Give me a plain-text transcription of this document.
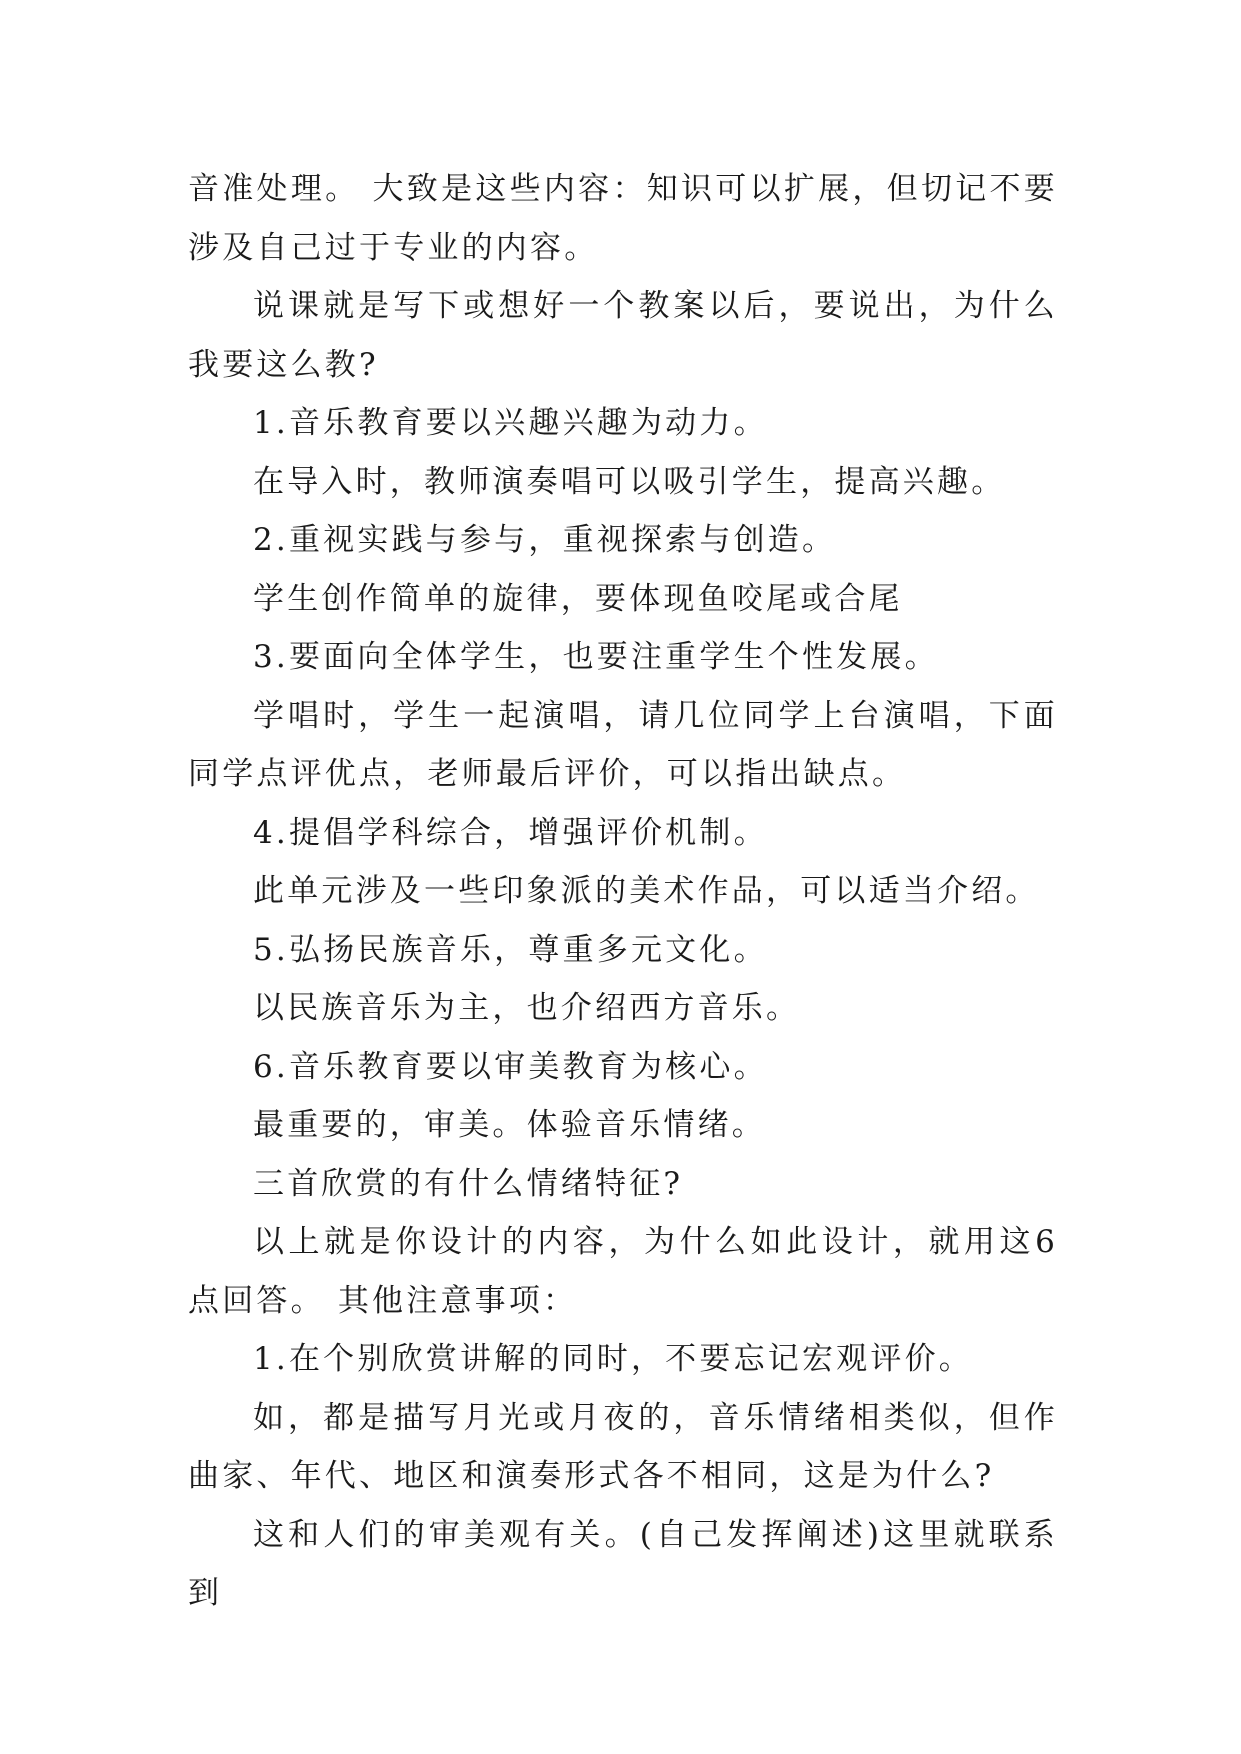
音准处理。 大致是这些内容：知识可以扩展，但切记不要涉及自己过于专业的内容。

说课就是写下或想好一个教案以后，要说出，为什么我要这么教?

1.音乐教育要以兴趣兴趣为动力。

在导入时，教师演奏唱可以吸引学生，提高兴趣。

2.重视实践与参与，重视探索与创造。

学生创作简单的旋律，要体现鱼咬尾或合尾

3.要面向全体学生，也要注重学生个性发展。

学唱时，学生一起演唱，请几位同学上台演唱，下面同学点评优点，老师最后评价，可以指出缺点。

4.提倡学科综合，增强评价机制。

此单元涉及一些印象派的美术作品，可以适当介绍。

5.弘扬民族音乐，尊重多元文化。

以民族音乐为主，也介绍西方音乐。

6.音乐教育要以审美教育为核心。

最重要的，审美。体验音乐情绪。

三首欣赏的有什么情绪特征?

以上就是你设计的内容，为什么如此设计，就用这6点回答。 其他注意事项：

1.在个别欣赏讲解的同时，不要忘记宏观评价。

如，都是描写月光或月夜的，音乐情绪相类似，但作曲家、年代、地区和演奏形式各不相同，这是为什么?

这和人们的审美观有关。(自己发挥阐述)这里就联系到
